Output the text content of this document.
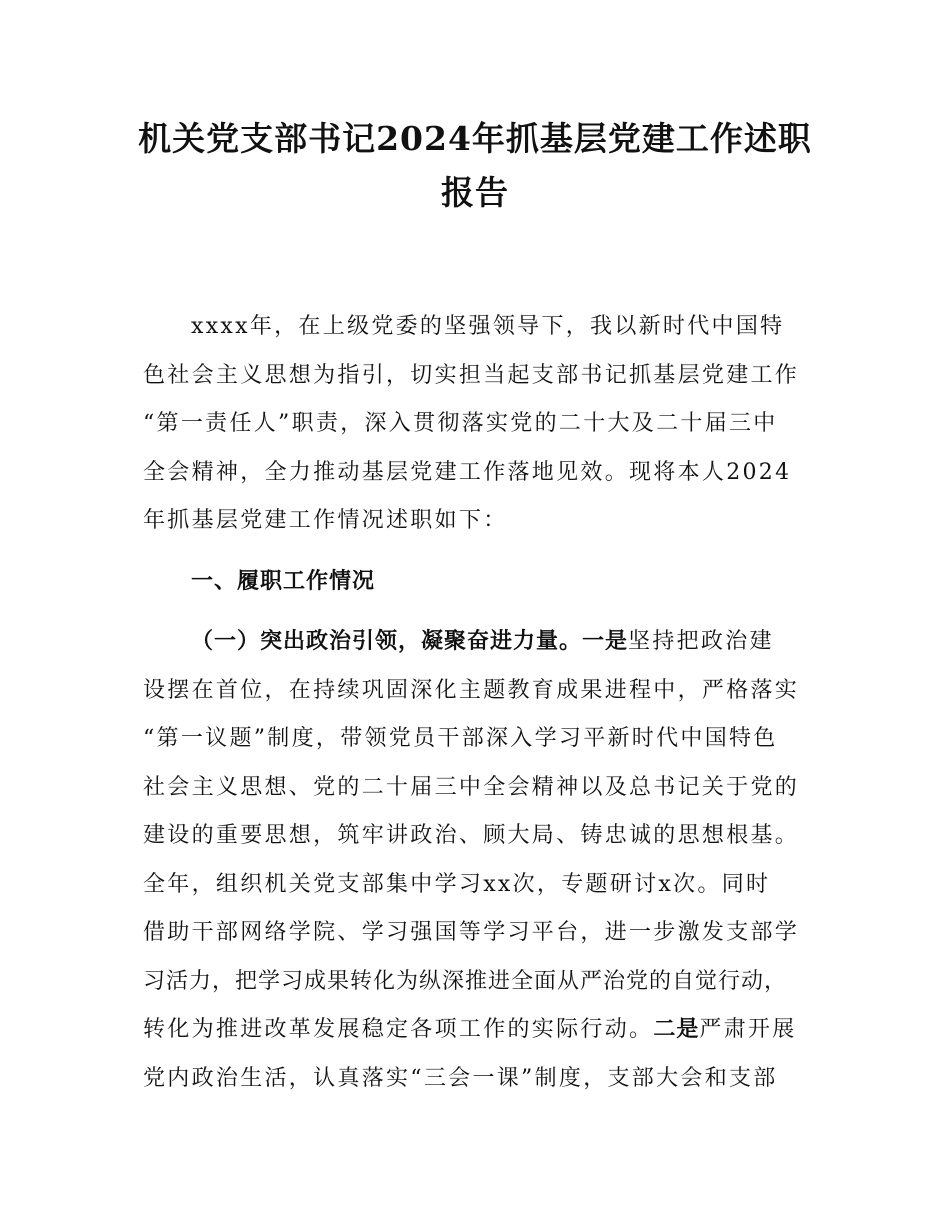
机关党支部书记2024年抓基层党建工作述职
报告
xxxx年，在上级党委的坚强领导下，我以新时代中国特
色社会主义思想为指引，切实担当起支部书记抓基层党建工作
“第一责任人”职责，深入贯彻落实党的二十大及二十届三中
全会精神，全力推动基层党建工作落地见效。现将本人2024
年抓基层党建工作情况述职如下：
一、履职工作情况
（一）突出政治引领，凝聚奋进力量。一是坚持把政治建
设摆在首位，在持续巩固深化主题教育成果进程中，严格落实
“第一议题”制度，带领党员干部深入学习平新时代中国特色
社会主义思想、党的二十届三中全会精神以及总书记关于党的
建设的重要思想，筑牢讲政治、顾大局、铸忠诚的思想根基。
全年，组织机关党支部集中学习xx次，专题研讨x次。同时
借助干部网络学院、学习强国等学习平台，进一步激发支部学
习活力，把学习成果转化为纵深推进全面从严治党的自觉行动，
转化为推进改革发展稳定各项工作的实际行动。二是严肃开展
党内政治生活，认真落实“三会一课”制度，支部大会和支部
